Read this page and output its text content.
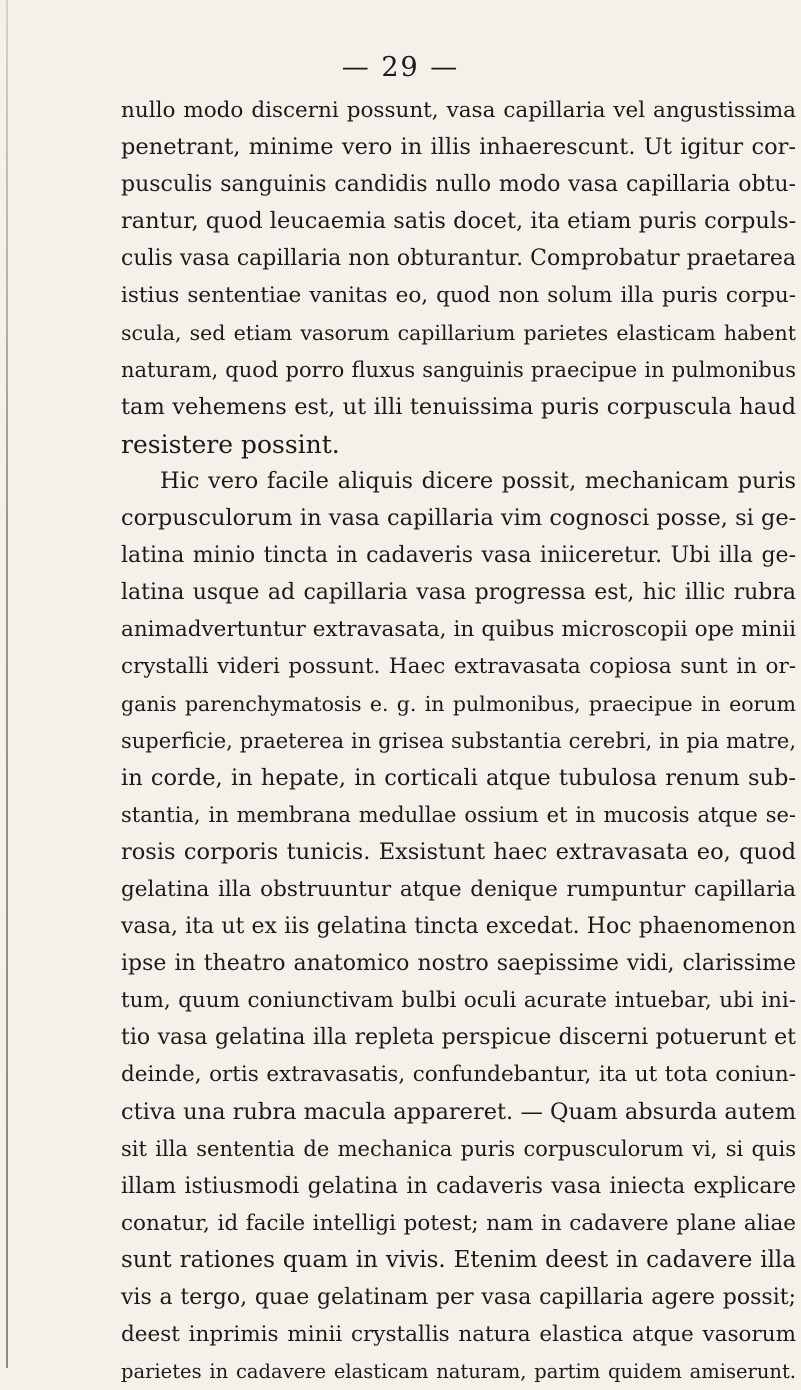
— 29 —
nullo modo discerni possunt, vasa capillaria vel angustissima
penetrant, minime vero in illis inhaerescunt. Ut igitur cor-
pusculis sanguinis candidis nullo modo vasa capillaria obtu-
rantur, quod leucaemia satis docet, ita etiam puris corpuls-
culis vasa capillaria non obturantur. Comprobatur praetarea
istius sententiae vanitas eo, quod non solum illa puris corpu-
scula, sed etiam vasorum capillarium parietes elasticam habent
naturam, quod porro fluxus sanguinis praecipue in pulmonibus
tam vehemens est, ut illi tenuissima puris corpuscula haud
resistere possint.
Hic vero facile aliquis dicere possit, mechanicam puris
corpusculorum in vasa capillaria vim cognosci posse, si ge-
latina minio tincta in cadaveris vasa iniiceretur. Ubi illa ge-
latina usque ad capillaria vasa progressa est, hic illic rubra
animadvertuntur extravasata, in quibus microscopii ope minii
crystalli videri possunt. Haec extravasata copiosa sunt in or-
ganis parenchymatosis e. g. in pulmonibus, praecipue in eorum
superficie, praeterea in grisea substantia cerebri, in pia matre,
in corde, in hepate, in corticali atque tubulosa renum sub-
stantia, in membrana medullae ossium et in mucosis atque se-
rosis corporis tunicis. Exsistunt haec extravasata eo, quod
gelatina illa obstruuntur atque denique rumpuntur capillaria
vasa, ita ut ex iis gelatina tincta excedat. Hoc phaenomenon
ipse in theatro anatomico nostro saepissime vidi, clarissime
tum, quum coniunctivam bulbi oculi acurate intuebar, ubi ini-
tio vasa gelatina illa repleta perspicue discerni potuerunt et
deinde, ortis extravasatis, confundebantur, ita ut tota coniun-
ctiva una rubra macula appareret. — Quam absurda autem
sit illa sententia de mechanica puris corpusculorum vi, si quis
illam istiusmodi gelatina in cadaveris vasa iniecta explicare
conatur, id facile intelligi potest; nam in cadavere plane aliae
sunt rationes quam in vivis. Etenim deest in cadavere illa
vis a tergo, quae gelatinam per vasa capillaria agere possit;
deest inprimis minii crystallis natura elastica atque vasorum
parietes in cadavere elasticam naturam, partim quidem amiserunt.
